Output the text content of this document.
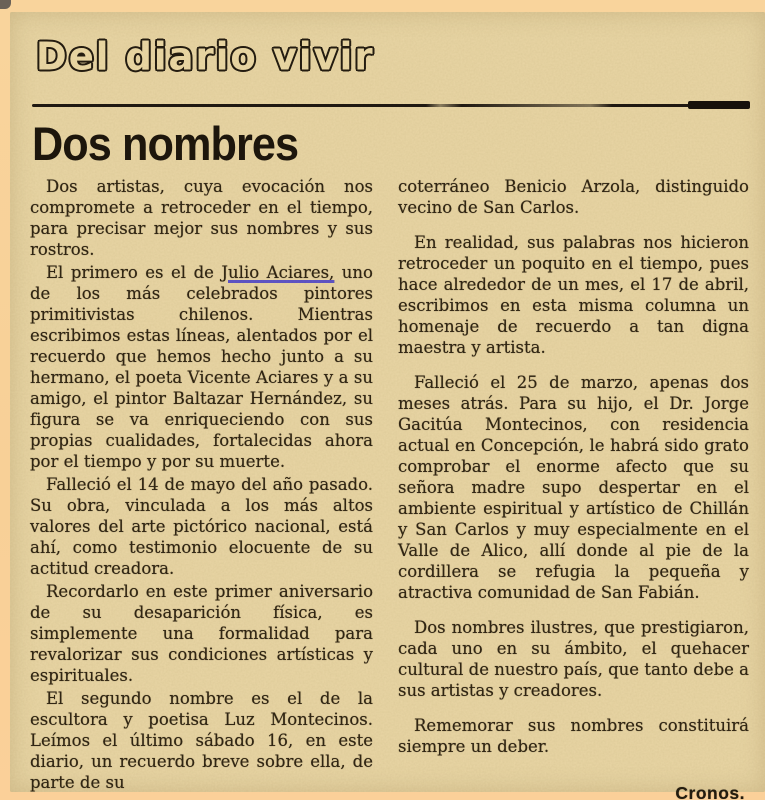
Del diario vivir
Dos nombres

Dos artistas, cuya evocación nos compromete a retroceder en el tiempo, para precisar mejor sus nombres y sus rostros.

El primero es el de Julio Aciares, uno de los más celebrados pintores primitivistas chilenos. Mientras escribimos estas líneas, alentados por el recuerdo que hemos hecho junto a su hermano, el poeta Vicente Aciares y a su amigo, el pintor Baltazar Hernández, su figura se va enriqueciendo con sus propias cualidades, fortalecidas ahora por el tiempo y por su muerte.

Falleció el 14 de mayo del año pasado. Su obra, vinculada a los más altos valores del arte pictórico nacional, está ahí, como testimonio elocuente de su actitud creadora.

Recordarlo en este primer aniversario de su desaparición física, es simplemente una formalidad para revalorizar sus condiciones artísticas y espirituales.

El segundo nombre es el de la escultora y poetisa Luz Montecinos. Leímos el último sábado 16, en este diario, un recuerdo breve sobre ella, de parte de su

coterráneo Benicio Arzola, distinguido vecino de San Carlos.

En realidad, sus palabras nos hicieron retroceder un poquito en el tiempo, pues hace alrededor de un mes, el 17 de abril, escribimos en esta misma columna un homenaje de recuerdo a tan digna maestra y artista.

Falleció el 25 de marzo, apenas dos meses atrás. Para su hijo, el Dr. Jorge Gacitúa Montecinos, con residencia actual en Concepción, le habrá sido grato comprobar el enorme afecto que su señora madre supo despertar en el ambiente espiritual y artístico de Chillán y San Carlos y muy especialmente en el Valle de Alico, allí donde al pie de la cordillera se refugia la pequeña y atractiva comunidad de San Fabián.

Dos nombres ilustres, que prestigiaron, cada uno en su ámbito, el quehacer cultural de nuestro país, que tanto debe a sus artistas y creadores.

Rememorar sus nombres constituirá siempre un deber.

Cronos.
